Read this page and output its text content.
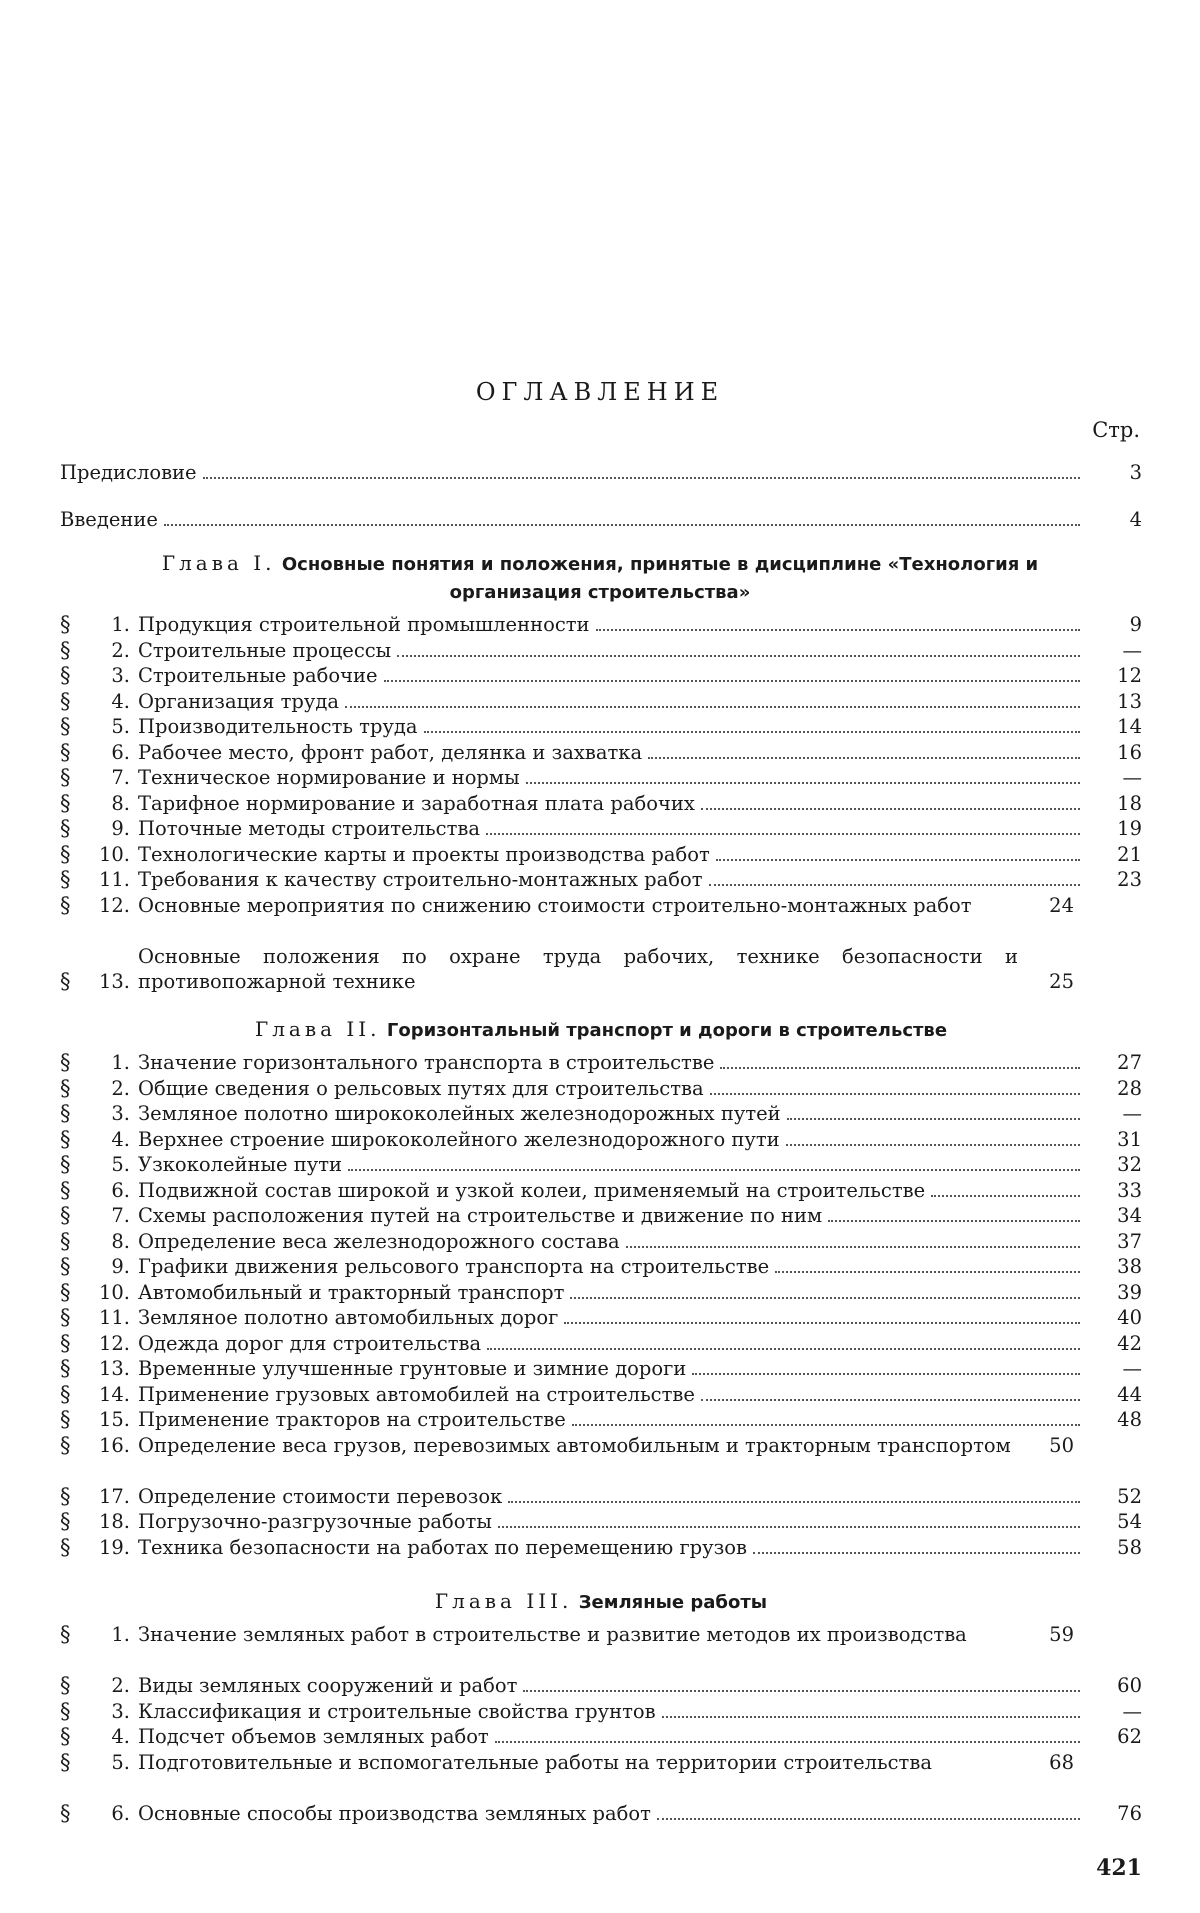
ОГЛАВЛЕНИЕ
Стр.
Предисловие	3
Введение	4
Глава I. Основные понятия и положения, принятые в дисциплине «Технология и организация строительства»
§	1. Продукция строительной промышленности	9
§	2. Строительные процессы	—
§	3. Строительные рабочие	12
§	4. Организация труда	13
§	5. Производительность труда	14
§	6. Рабочее место, фронт работ, делянка и захватка	16
§	7. Техническое нормирование и нормы	—
§	8. Тарифное нормирование и заработная плата рабочих	18
§	9. Поточные методы строительства	19
§	10. Технологические карты и проекты производства работ	21
§	11. Требования к качеству строительно-монтажных работ	23
§	12. Основные мероприятия по снижению стоимости строительно-монтажных работ	24
§	13.
Основные положения по охране труда рабочих, технике безопасности и противопожарной технике	25
Глава II. Горизонтальный транспорт и дороги в строительстве
§	1. Значение горизонтального транспорта в строительстве	27
§	2. Общие сведения о рельсовых путях для строительства	28
§	3. Земляное полотно ширококолейных железнодорожных путей	—
§	4. Верхнее строение ширококолейного железнодорожного пути	31
§	5. Узкоколейные пути	32
§	6. Подвижной состав широкой и узкой колеи, применяемый на строительстве	33
§	7. Схемы расположения путей на строительстве и движение по ним	34
§	8. Определение веса железнодорожного состава	37
§	9. Графики движения рельсового транспорта на строительстве	38
§	10. Автомобильный и тракторный транспорт	39
§	11. Земляное полотно автомобильных дорог	40
§	12. Одежда дорог для строительства	42
§	13. Временные улучшенные грунтовые и зимние дороги	—
§	14. Применение грузовых автомобилей на строительстве	44
§	15. Применение тракторов на строительстве	48
§	16. Определение веса грузов, перевозимых автомобильным и тракторным транспортом	50
§	17. Определение стоимости перевозок	52
§	18. Погрузочно-разгрузочные работы	54
§	19. Техника безопасности на работах по перемещению грузов	58
Глава III. Земляные работы
§	1. Значение земляных работ в строительстве и развитие методов их производства	59
§	2. Виды земляных сооружений и работ	60
§	3. Классификация и строительные свойства грунтов	—
§	4. Подсчет объемов земляных работ	62
§	5. Подготовительные и вспомогательные работы на территории строительства	68
§	6. Основные способы производства земляных работ	76
421
